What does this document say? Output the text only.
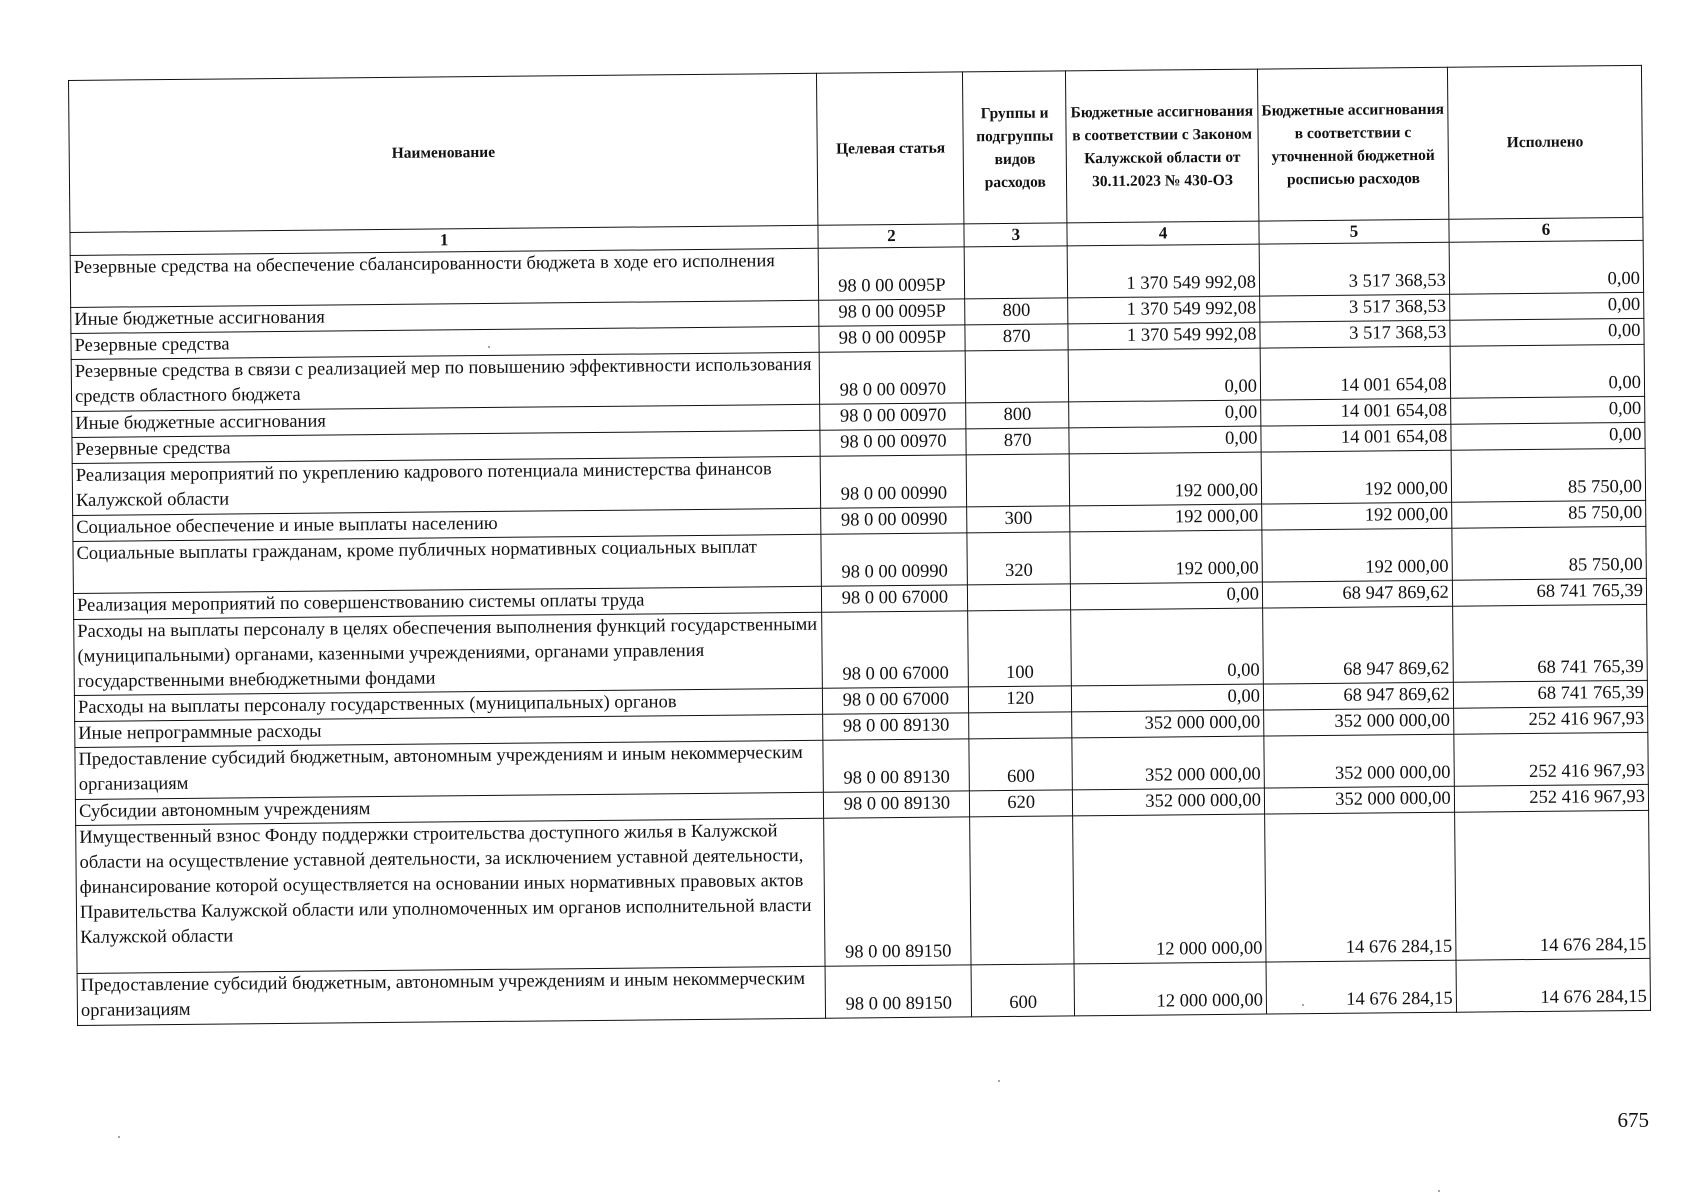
Наименование	Целевая статья	Группы и подгруппы видов расходов	Бюджетные ассигнования в соответствии с Законом Калужской области от 30.11.2023 № 430-ОЗ	Бюджетные ассигнования в соответствии с уточненной бюджетной росписью расходов	Исполнено
1	2	3	4	5	6
Резервные средства на обеспечение сбалансированности бюджета в ходе его исполнения	98 0 00 0095Р		1 370 549 992,08	3 517 368,53	0,00
Иные бюджетные ассигнования	98 0 00 0095Р	800	1 370 549 992,08	3 517 368,53	0,00
Резервные средства	98 0 00 0095Р	870	1 370 549 992,08	3 517 368,53	0,00
Резервные средства в связи с реализацией мер по повышению эффективности использования средств областного бюджета	98 0 00 00970		0,00	14 001 654,08	0,00
Иные бюджетные ассигнования	98 0 00 00970	800	0,00	14 001 654,08	0,00
Резервные средства	98 0 00 00970	870	0,00	14 001 654,08	0,00
Реализация мероприятий по укреплению кадрового потенциала министерства финансов Калужской области	98 0 00 00990		192 000,00	192 000,00	85 750,00
Социальное обеспечение и иные выплаты населению	98 0 00 00990	300	192 000,00	192 000,00	85 750,00
Социальные выплаты гражданам, кроме публичных нормативных социальных выплат	98 0 00 00990	320	192 000,00	192 000,00	85 750,00
Реализация мероприятий по совершенствованию системы оплаты труда	98 0 00 67000		0,00	68 947 869,62	68 741 765,39
Расходы на выплаты персоналу в целях обеспечения выполнения функций государственными (муниципальными) органами, казенными учреждениями, органами управления государственными внебюджетными фондами	98 0 00 67000	100	0,00	68 947 869,62	68 741 765,39
Расходы на выплаты персоналу государственных (муниципальных) органов	98 0 00 67000	120	0,00	68 947 869,62	68 741 765,39
Иные непрограммные расходы	98 0 00 89130		352 000 000,00	352 000 000,00	252 416 967,93
Предоставление субсидий бюджетным, автономным учреждениям и иным некоммерческим организациям	98 0 00 89130	600	352 000 000,00	352 000 000,00	252 416 967,93
Субсидии автономным учреждениям	98 0 00 89130	620	352 000 000,00	352 000 000,00	252 416 967,93
Имущественный взнос Фонду поддержки строительства доступного жилья в Калужской области на осуществление уставной деятельности, за исключением уставной деятельности, финансирование которой осуществляется на основании иных нормативных правовых актов Правительства Калужской области или уполномоченных им органов исполнительной власти Калужской области	98 0 00 89150		12 000 000,00	14 676 284,15	14 676 284,15
Предоставление субсидий бюджетным, автономным учреждениям и иным некоммерческим организациям	98 0 00 89150	600	12 000 000,00	14 676 284,15	14 676 284,15
675
